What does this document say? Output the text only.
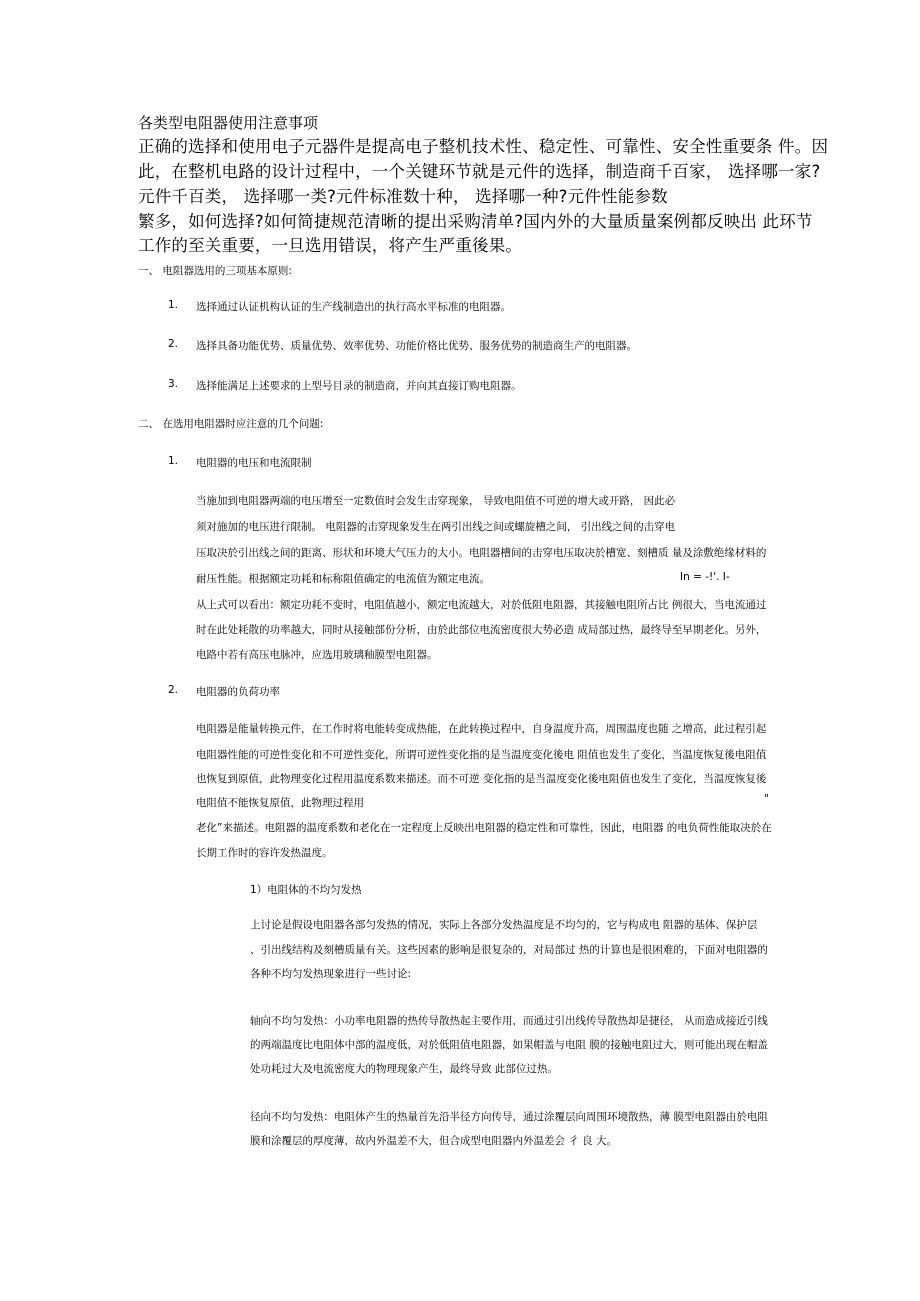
各类型电阻器使用注意事项
正确的选择和使用电子元器件是提高电子整机技术性、稳定性、可靠性、安全性重要条 件。因
此，在整机电路的设计过程中，一个关键环节就是元件的选择，制造商千百家， 选择哪一家?
元件千百类， 选择哪一类?元件标准数十种， 选择哪一种?元件性能参数
繁多，如何选择?如何简捷规范清晰的提出采购清单?国内外的大量质量案例都反映出 此环节
工作的至关重要，一旦选用错误，将产生严重後果。
一、 电阻器选用的三项基本原则:
1. 选择通过认证机构认证的生产线制造出的执行高水平标准的电阻器。
2. 选择具备功能优势、质量优势、效率优势、功能价格比优势、服务优势的制造商生产的电阻器。
3. 选择能满足上述要求的上型号目录的制造商，并向其直接订购电阻器。
二、 在选用电阻器时应注意的几个问题:
1. 电阻器的电压和电流限制
当施加到电阻器两端的电压增至一定数值时会发生击穿现象， 导致电阻值不可逆的增大或开路， 因此必
须对施加的电压进行限制。 电阻器的击穿现象发生在两引出线之间或螺旋槽之间， 引出线之间的击穿电
压取决於引出线之间的距离、形状和环境大气压力的大小。电阻器槽间的击穿电压取决於槽宽、刻槽质 量及涂敷绝缘材料的
耐压性能。根据额定功耗和标称阻值确定的电流值为额定电流。	In = -!'. I-
从上式可以看出：额定功耗不变时，电阻值越小，额定电流越大，对於低阻电阻器，其接触电阻所占比 例很大，当电流通过
时在此处耗散的功率越大，同时从接触部份分析，由於此部位电流密度很大势必造 成局部过热，最终导至早期老化。另外，
电路中若有高压电脉冲，应选用玻璃釉膜型电阻器。
2. 电阻器的负荷功率
电阻器是能量转换元件，在工作时将电能转变成热能，在此转换过程中，自身温度升高，周围温度也随 之增高，此过程引起
电阻器性能的可逆性变化和不可逆性变化，所谓可逆性变化指的是当温度变化後电 阻值也发生了变化，当温度恢复後电阻值
也恢复到原值，此物理变化过程用温度系数来描述。而不可逆 变化指的是当温度变化後电阻值也发生了变化，当温度恢复後
电阻值不能恢复原值，此物理过程用	"
老化”来描述。电阻器的温度系数和老化在一定程度上反映出电阻器的稳定性和可靠性，因此，电阻器 的电负荷性能取决於在
长期工作时的容许发热温度。
1）电阻体的不均匀发热
上讨论是假设电阻器各部匀发热的情况，实际上各部分发热温度是不均匀的，它与构成电 阻器的基体、保护层
、引出线结构及刻槽质量有关。这些因素的影响是很复杂的，对局部过 热的计算也是很困难的，下面对电阻器的
各种不均匀发热现象进行一些讨论:
轴向不均匀发热：小功率电阻器的热传导散热起主要作用，而通过引出线传导散热却是捷径， 从而造成接近引线
的两端温度比电阻体中部的温度低，对於低阻值电阻器，如果帽盖与电阻 膜的接触电阻过大，则可能出现在帽盖
处功耗过大及电流密度大的物理现象产生，最终导致 此部位过热。
径向不均匀发热：电阻体产生的热量首先沿半径方向传导，通过涂覆层向周围环境散热，薄 膜型电阻器由於电阻
膜和涂覆层的厚度薄，故内外温差不大，但合成型电阻器内外温差会 彳 良 大。
